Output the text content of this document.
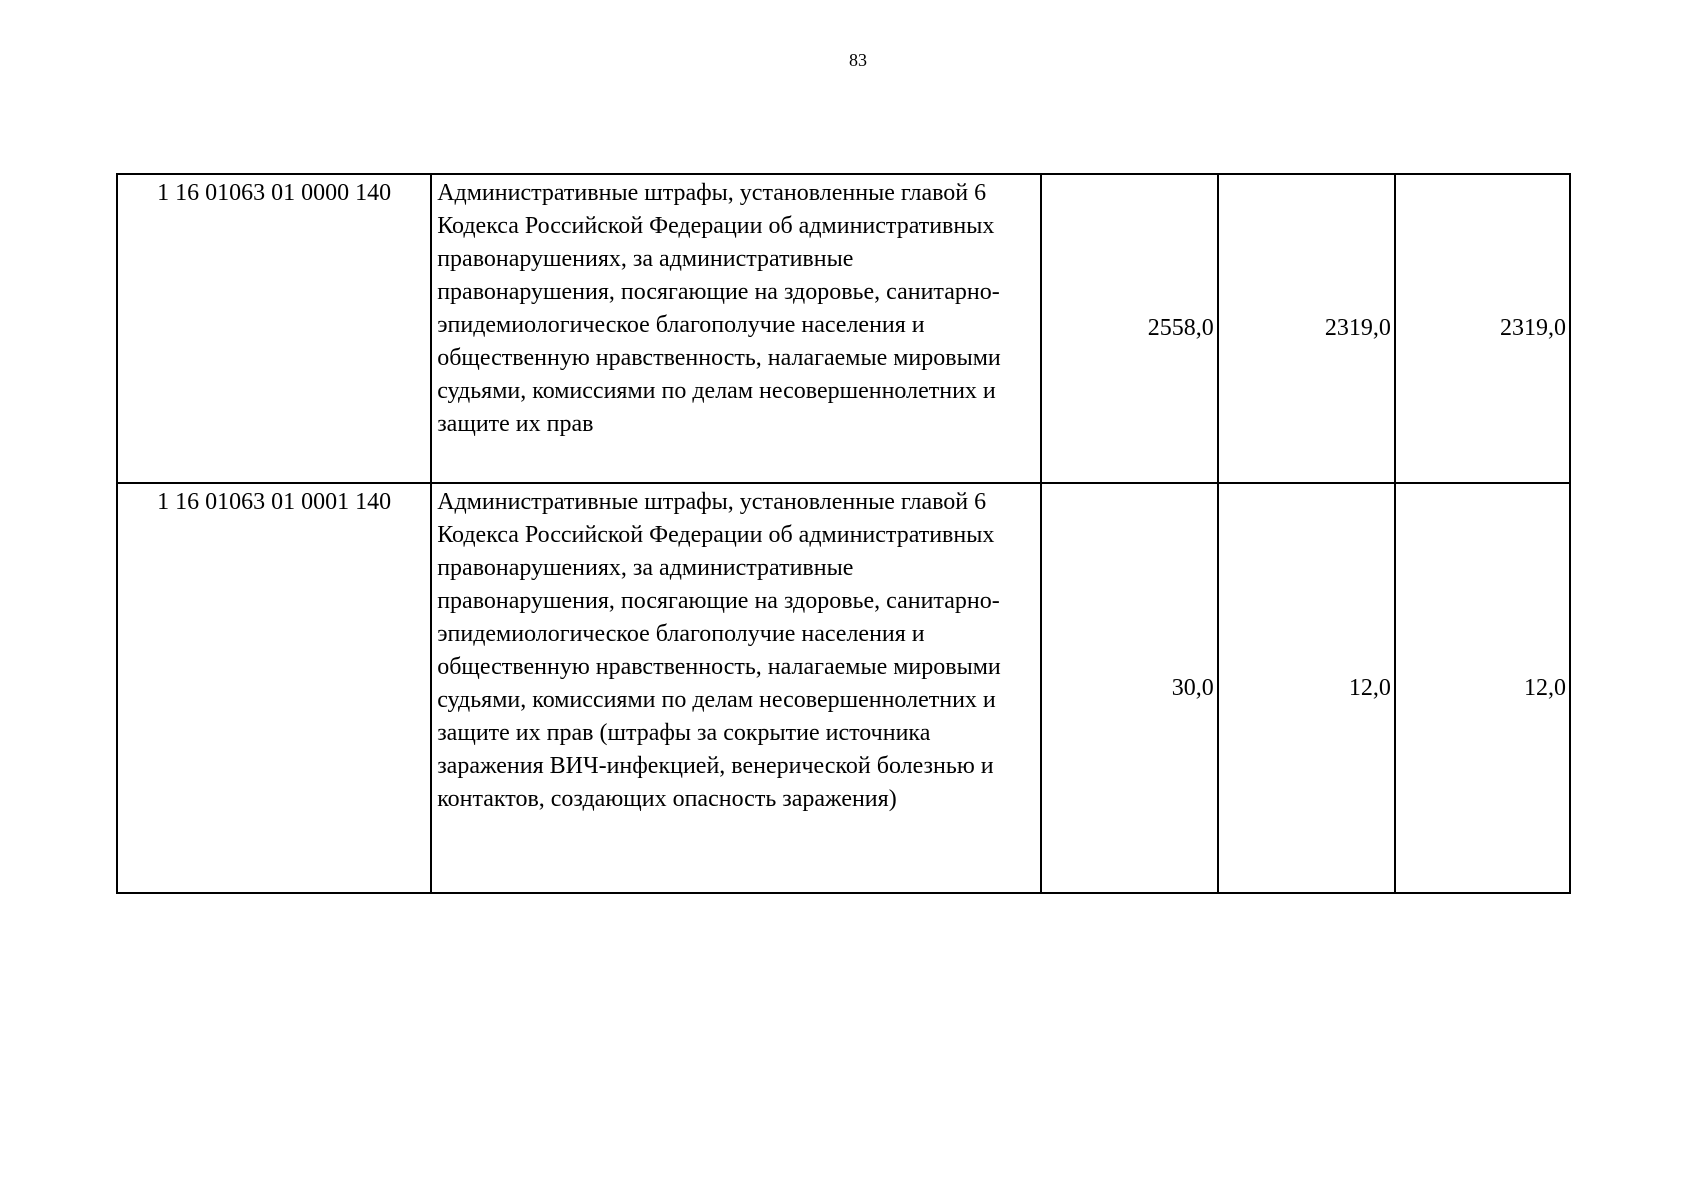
83
1 16 01063 01 0000 140	Административные штрафы, установленные главой 6 Кодекса Российской Федерации об административных правонарушениях, за административные правонарушения, посягающие на здоровье, санитарно-эпидемиологическое благополучие населения и общественную нравственность, налагаемые мировыми судьями, комиссиями по делам несовершеннолетних и защите их прав	2558,0	2319,0	2319,0
1 16 01063 01 0001 140	Административные штрафы, установленные главой 6 Кодекса Российской Федерации об административных правонарушениях, за административные правонарушения, посягающие на здоровье, санитарно-эпидемиологическое благополучие населения и общественную нравственность, налагаемые мировыми судьями, комиссиями по делам несовершеннолетних и защите их прав (штрафы за сокрытие источника заражения ВИЧ-инфекцией, венерической болезнью и контактов, создающих опасность заражения)	30,0	12,0	12,0
